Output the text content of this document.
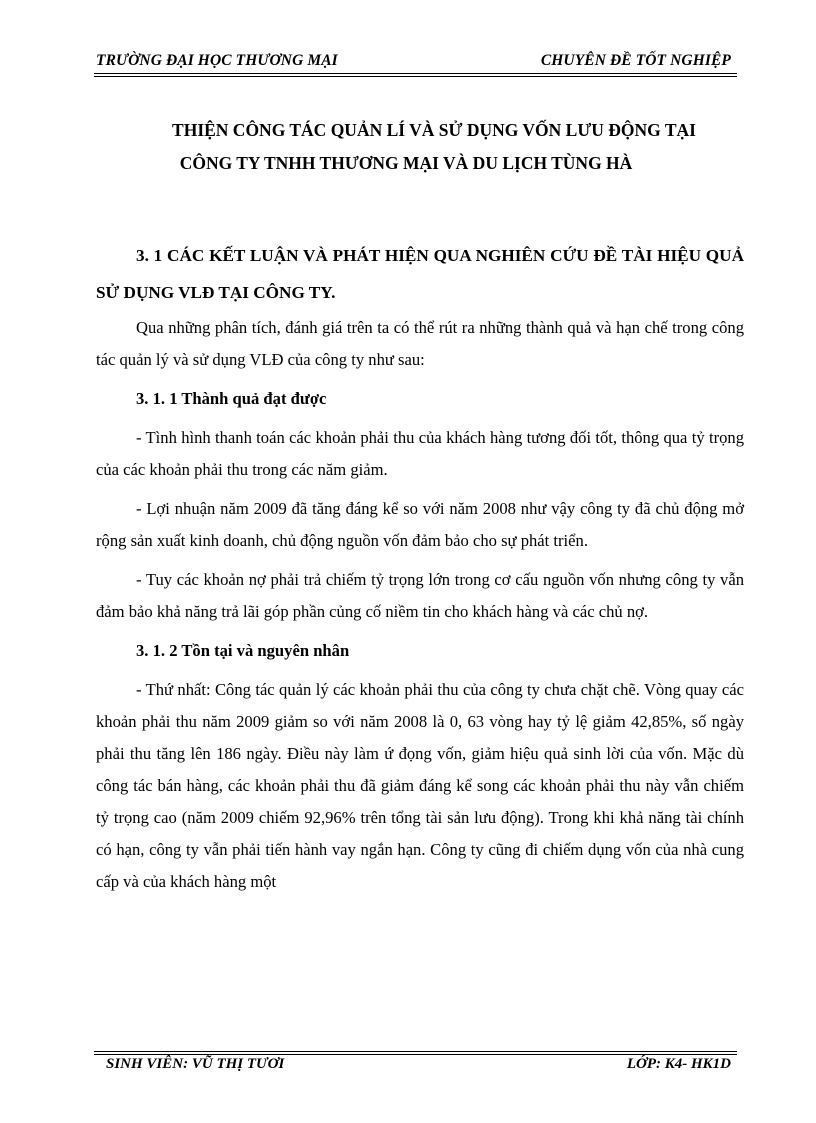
TRƯỜNG ĐẠI HỌC THƯƠNG MẠI	CHUYÊN ĐỀ TỐT NGHIỆP
THIỆN CÔNG TÁC QUẢN LÍ VÀ SỬ DỤNG VỐN LƯU ĐỘNG TẠI
CÔNG TY TNHH THƯƠNG MẠI VÀ DU LỊCH TÙNG HÀ
3. 1 CÁC KẾT LUẬN VÀ PHÁT HIỆN QUA NGHIÊN CỨU ĐỀ TÀI HIỆU QUẢ SỬ DỤNG VLĐ TẠI CÔNG TY.

Qua những phân tích, đánh giá trên ta có thể rút ra những thành quả và hạn chế trong công tác quản lý và sử dụng VLĐ của công ty như sau:

3. 1. 1 Thành quả đạt được

- Tình hình thanh toán các khoản phải thu của khách hàng tương đối tốt, thông qua tỷ trọng của các khoản phải thu trong các năm giảm.

- Lợi nhuận năm 2009 đã tăng đáng kể so với năm 2008 như vậy công ty đã chủ động mở rộng sản xuất kinh doanh, chủ động nguồn vốn đảm bảo cho sự phát triển.

- Tuy các khoản nợ phải trả chiếm tỷ trọng lớn trong cơ cấu nguồn vốn nhưng công ty vẫn đảm bảo khả năng trả lãi góp phần củng cố niềm tin cho khách hàng và các chủ nợ.

3. 1. 2 Tồn tại và nguyên nhân

- Thứ nhất: Công tác quản lý các khoản phải thu của công ty chưa chặt chẽ. Vòng quay các khoản phải thu năm 2009 giảm so với năm 2008 là 0, 63 vòng hay tỷ lệ giảm 42,85%, số ngày phải thu tăng lên 186 ngày. Điều này làm ứ đọng vốn, giảm hiệu quả sinh lời của vốn. Mặc dù công tác bán hàng, các khoản phải thu đã giảm đáng kể song các khoản phải thu này vẫn chiếm tỷ trọng cao (năm 2009 chiếm 92,96% trên tổng tài sản lưu động). Trong khi khả năng tài chính có hạn, công ty vẫn phải tiến hành vay ngắn hạn. Công ty cũng đi chiếm dụng vốn của nhà cung cấp và của khách hàng một

SINH VIÊN: VŨ THỊ TƯƠI	LỚP: K4- HK1D
